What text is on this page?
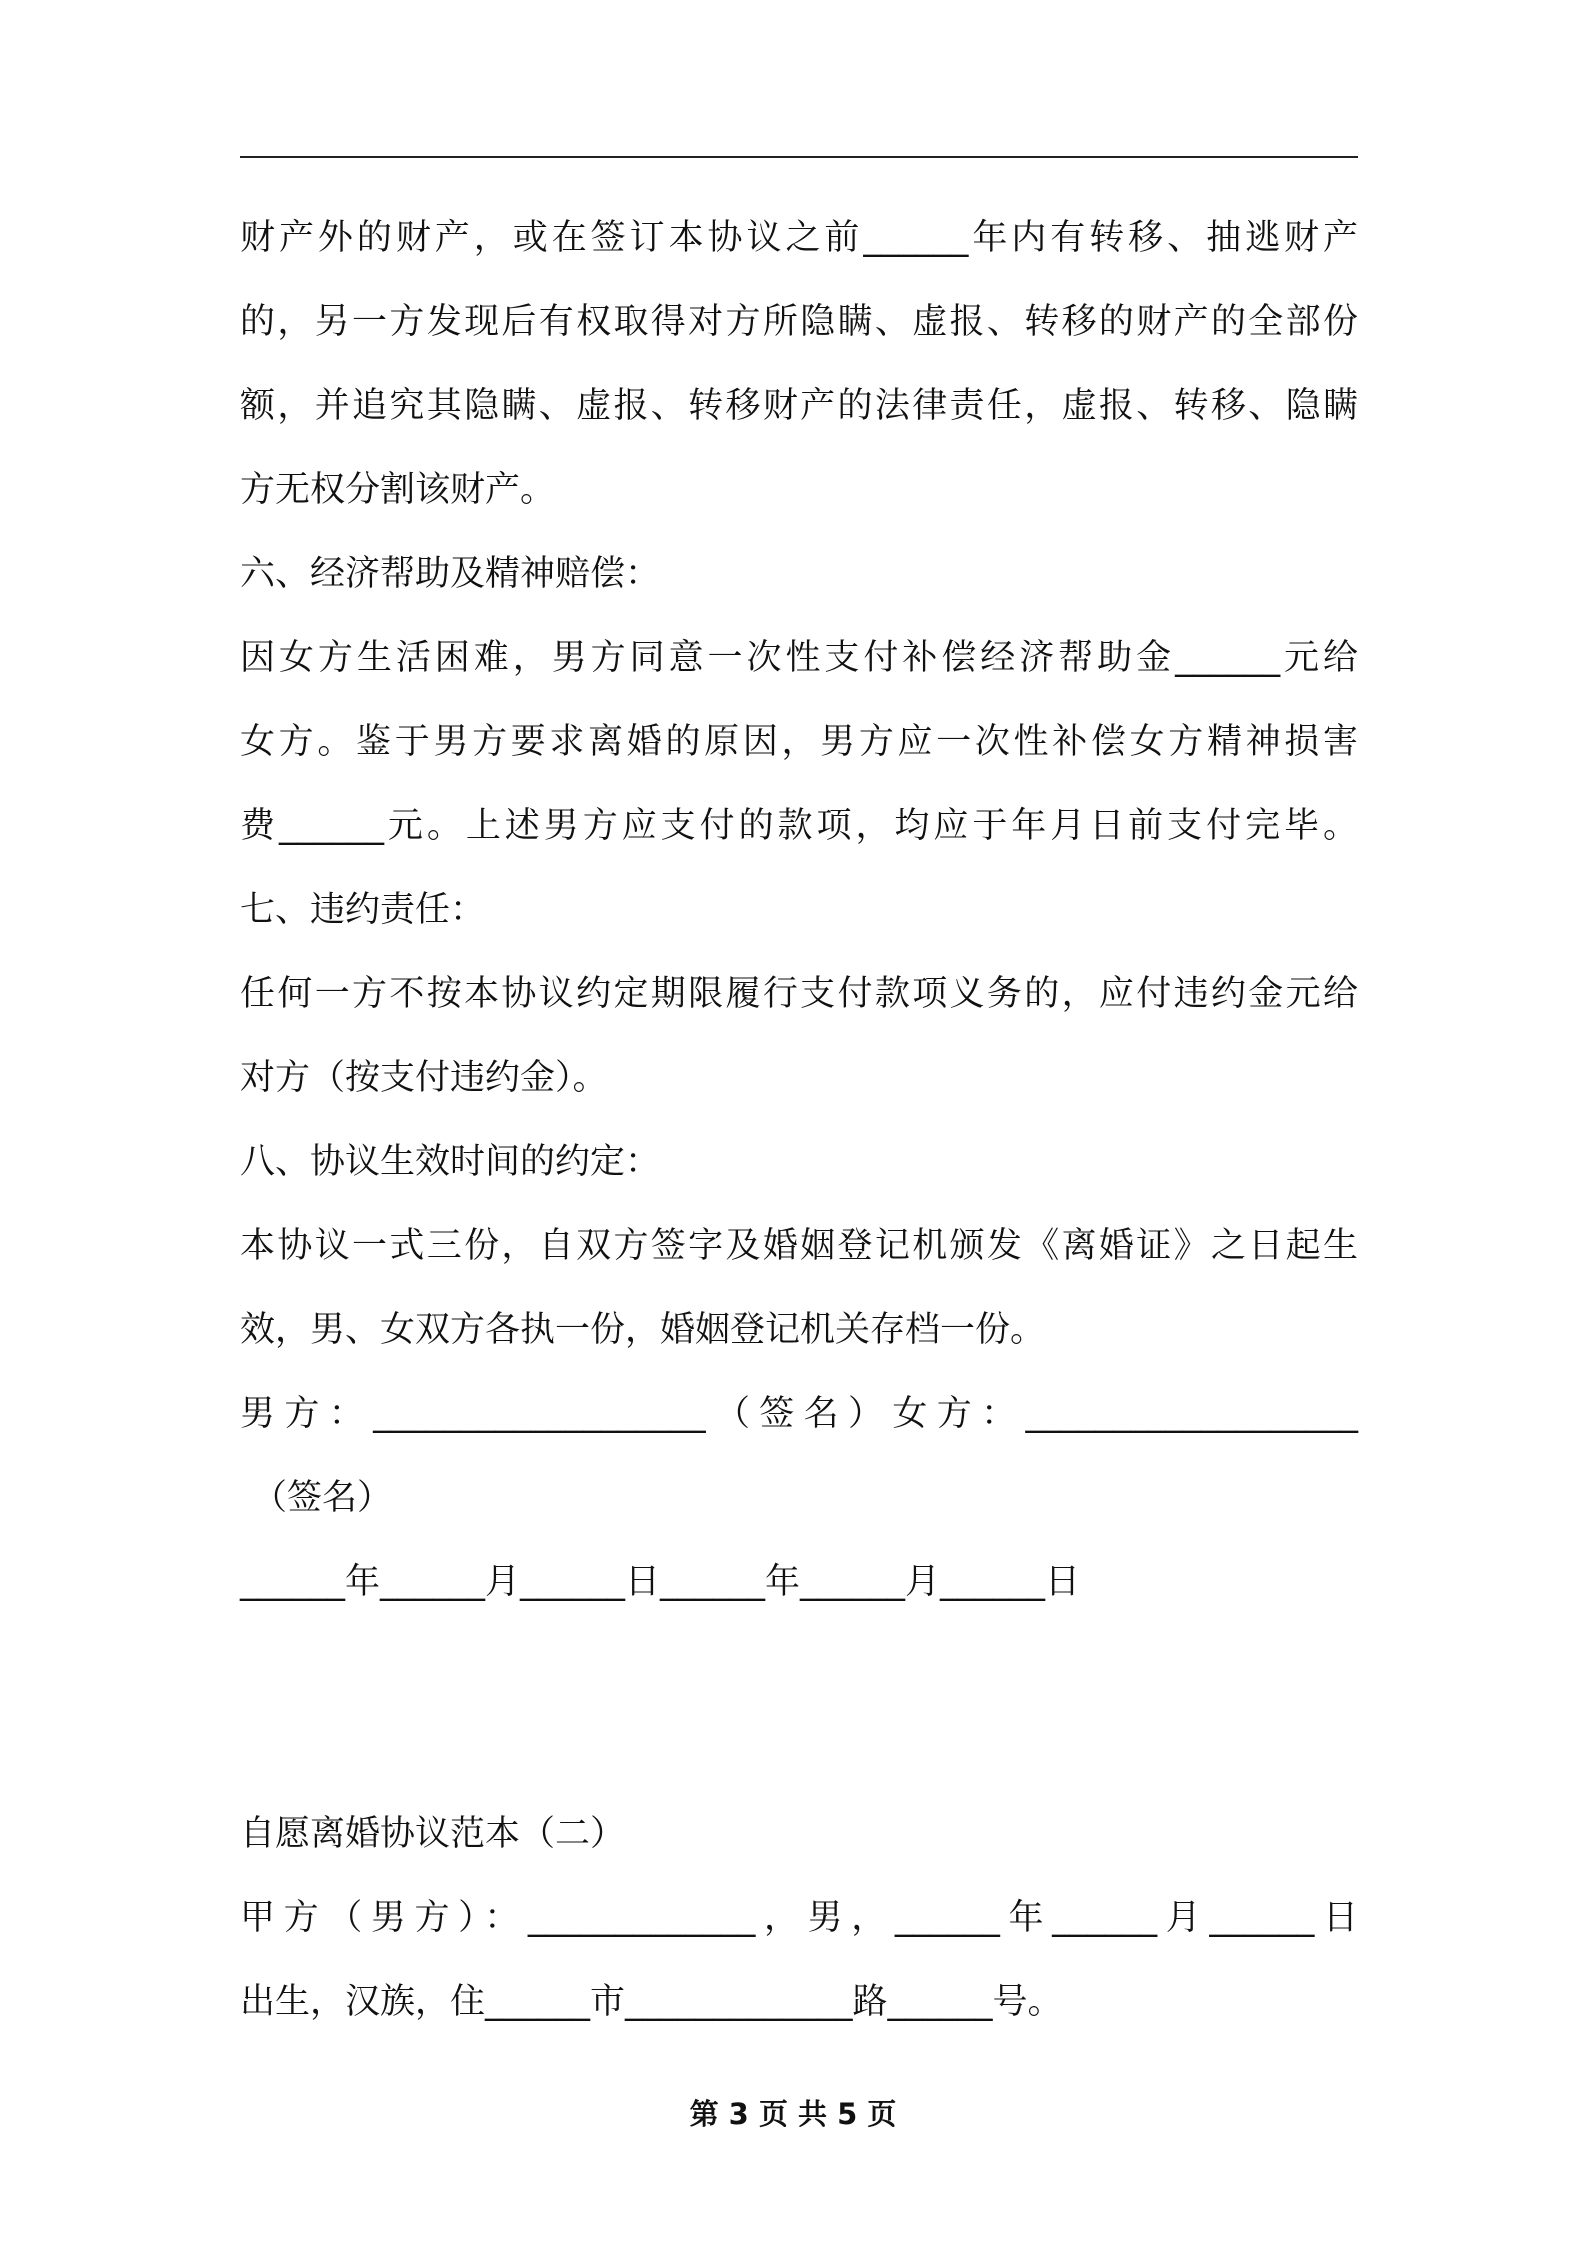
财产外的财产，或在签订本协议之前______年内有转移、抽逃财产
的，另一方发现后有权取得对方所隐瞒、虚报、转移的财产的全部份
额，并追究其隐瞒、虚报、转移财产的法律责任，虚报、转移、隐瞒
方无权分割该财产。
六、经济帮助及精神赔偿：
因女方生活困难，男方同意一次性支付补偿经济帮助金______元给
女方。鉴于男方要求离婚的原因，男方应一次性补偿女方精神损害
费______元。上述男方应支付的款项，均应于年月日前支付完毕。
七、违约责任：
任何一方不按本协议约定期限履行支付款项义务的，应付违约金元给
对方（按支付违约金）。
八、协议生效时间的约定：
本协议一式三份，自双方签字及婚姻登记机颁发《离婚证》之日起生
效，男、女双方各执一份，婚姻登记机关存档一份。
男方：___________________（签名）女方：___________________
（签名）
______年______月______日______年______月______日
自愿离婚协议范本（二）
甲方（男方）：_____________，男，______年______月______日
出生，汉族，住______市_____________路______号。
第 3 页 共 5 页
